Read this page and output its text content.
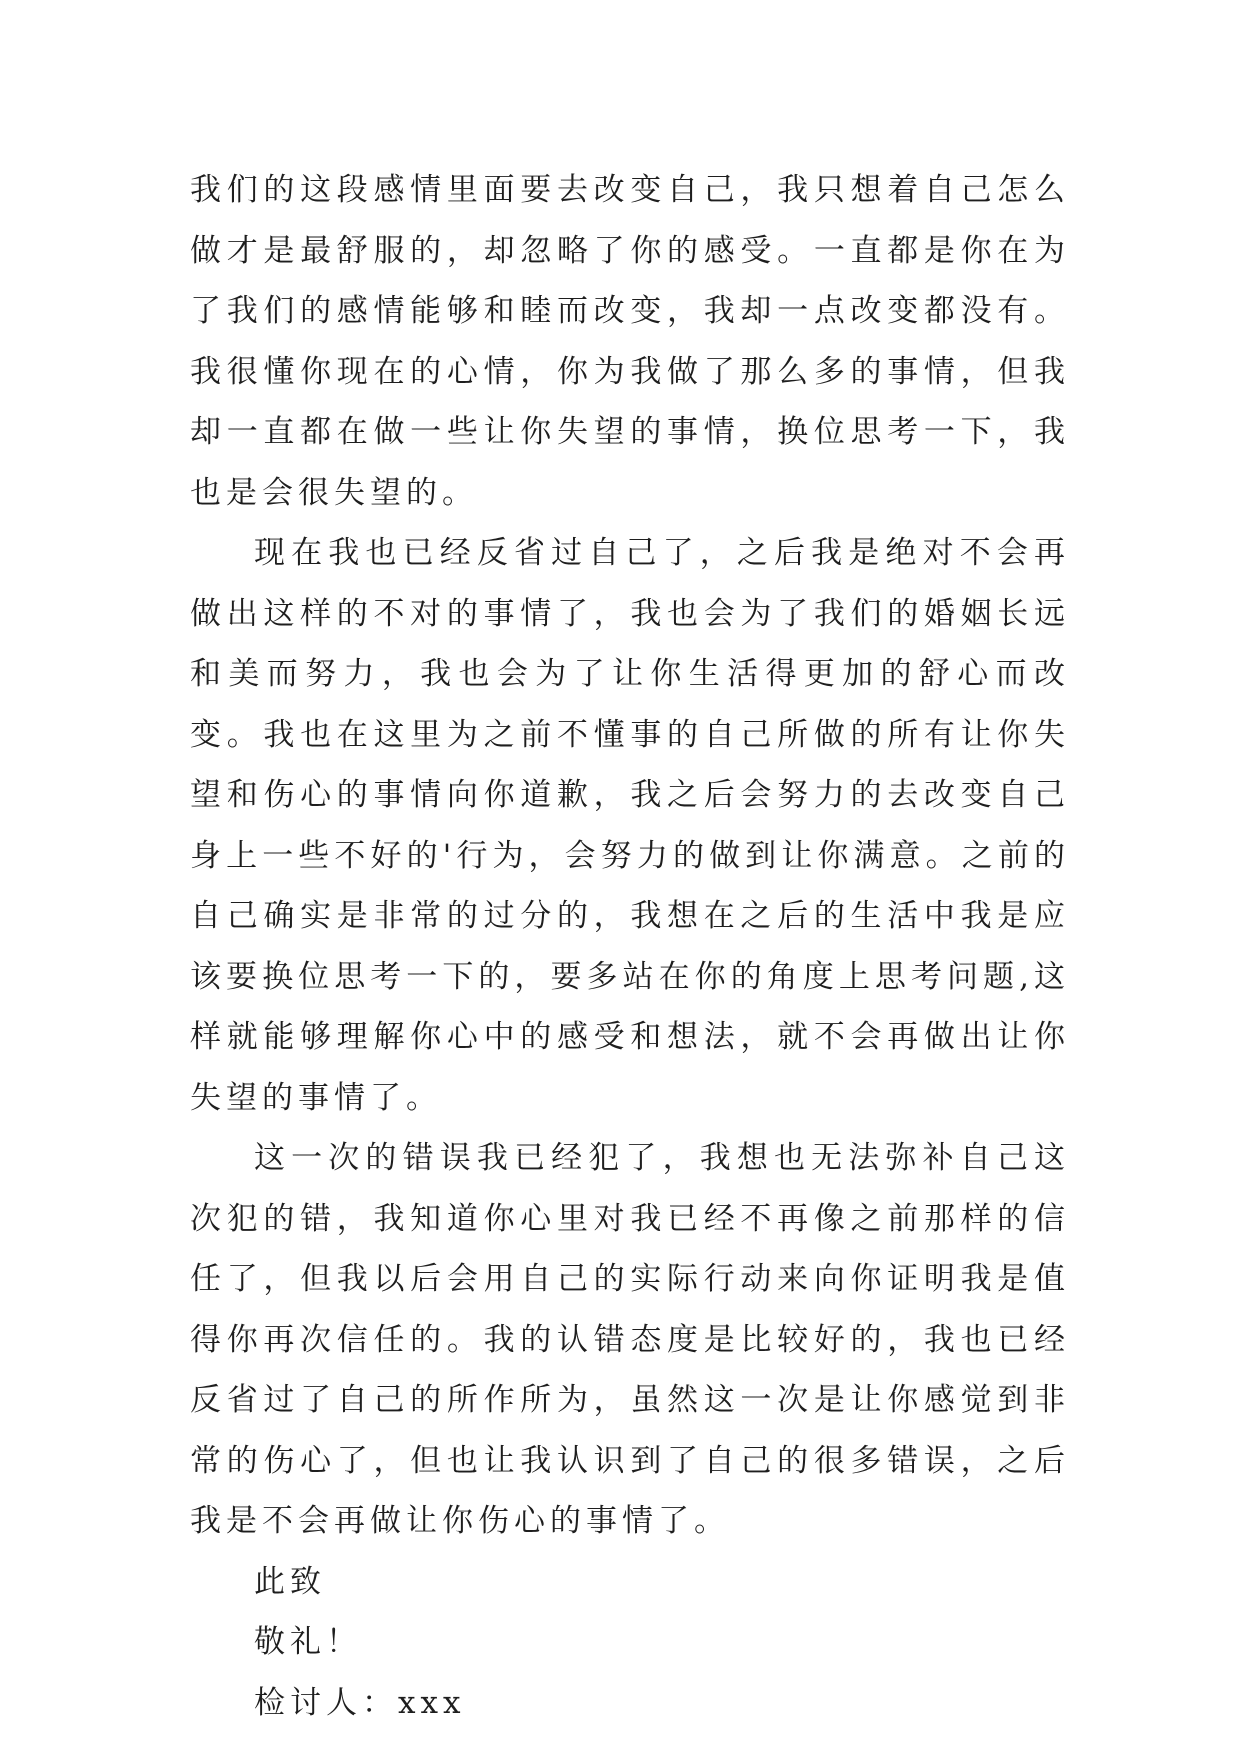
我们的这段感情里面要去改变自己，我只想着自己怎么做才是最舒服的，却忽略了你的感受。一直都是你在为了我们的感情能够和睦而改变，我却一点改变都没有。我很懂你现在的心情，你为我做了那么多的事情，但我却一直都在做一些让你失望的事情，换位思考一下，我也是会很失望的。

现在我也已经反省过自己了，之后我是绝对不会再做出这样的不对的事情了，我也会为了我们的婚姻长远和美而努力，我也会为了让你生活得更加的舒心而改变。我也在这里为之前不懂事的自己所做的所有让你失望和伤心的事情向你道歉，我之后会努力的去改变自己身上一些不好的'行为，会努力的做到让你满意。之前的自己确实是非常的过分的，我想在之后的生活中我是应该要换位思考一下的，要多站在你的角度上思考问题,这样就能够理解你心中的感受和想法，就不会再做出让你失望的事情了。

这一次的错误我已经犯了，我想也无法弥补自己这次犯的错，我知道你心里对我已经不再像之前那样的信任了，但我以后会用自己的实际行动来向你证明我是值得你再次信任的。我的认错态度是比较好的，我也已经反省过了自己的所作所为，虽然这一次是让你感觉到非常的伤心了，但也让我认识到了自己的很多错误，之后我是不会再做让你伤心的事情了。

此致

敬礼！

检讨人：xxx
